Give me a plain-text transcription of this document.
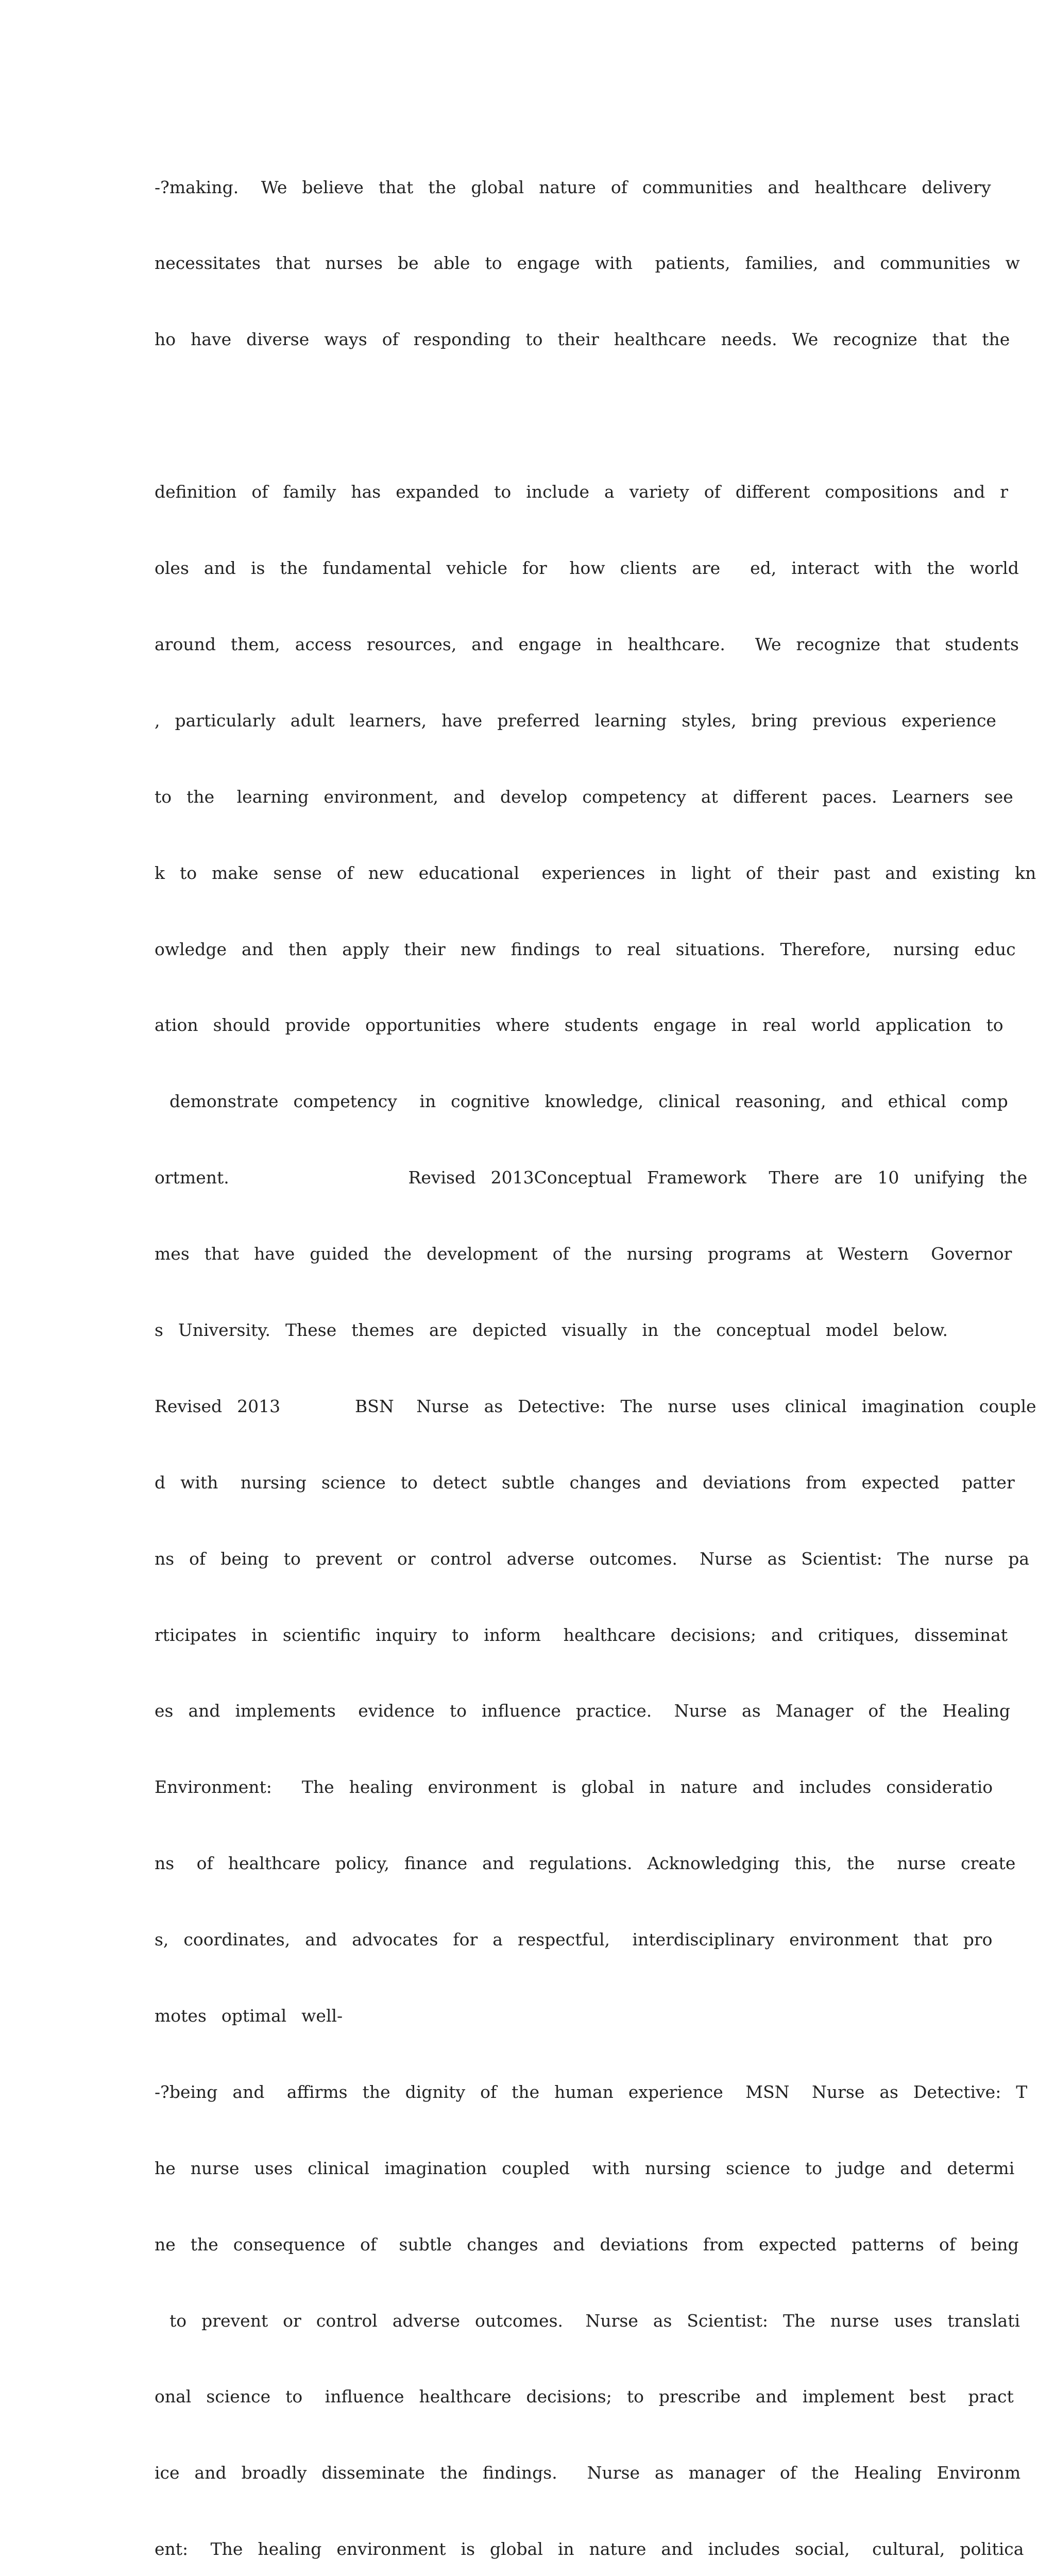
-?making.   We  believe  that  the  global  nature  of  communities  and  healthcare  delivery

necessitates  that  nurses  be  able  to  engage  with   patients,  families,  and  communities  w

ho  have  diverse  ways  of  responding  to  their  healthcare  needs.  We  recognize  that  the

definition  of  family  has  expanded  to  include  a  variety  of  different  compositions  and  r

oles  and  is  the  fundamental  vehicle  for   how  clients  are    ed,  interact  with  the  world

around  them,  access  resources,  and  engage  in  healthcare.    We  recognize  that  students

,  particularly  adult  learners,  have  preferred  learning  styles,  bring  previous  experience

to  the   learning  environment,  and  develop  competency  at  different  paces.  Learners  see

k  to  make  sense  of  new  educational   experiences  in  light  of  their  past  and  existing  kn

owledge  and  then  apply  their  new  findings  to  real  situations.  Therefore,   nursing  educ

ation  should  provide  opportunities  where  students  engage  in  real  world  application  to

demonstrate  competency   in  cognitive  knowledge,  clinical  reasoning,  and  ethical  comp

ortment.                        Revised  2013Conceptual  Framework   There  are  10  unifying  the

mes  that  have  guided  the  development  of  the  nursing  programs  at  Western   Governor

s  University.  These  themes  are  depicted  visually  in  the  conceptual  model  below.

Revised  2013          BSN   Nurse  as  Detective:  The  nurse  uses  clinical  imagination  couple

d  with   nursing  science  to  detect  subtle  changes  and  deviations  from  expected   patter

ns  of  being  to  prevent  or  control  adverse  outcomes.   Nurse  as  Scientist:  The  nurse  pa

rticipates  in  scientific  inquiry  to  inform   healthcare  decisions;  and  critiques,  disseminat

es  and  implements   evidence  to  influence  practice.   Nurse  as  Manager  of  the  Healing

Environment:    The  healing  environment  is  global  in  nature  and  includes  consideratio

ns   of  healthcare  policy,  finance  and  regulations.  Acknowledging  this,  the   nurse  create

s,  coordinates,  and  advocates  for  a  respectful,   interdisciplinary  environment  that  pro

motes  optimal  well-

-?being  and   affirms  the  dignity  of  the  human  experience   MSN   Nurse  as  Detective:  T

he  nurse  uses  clinical  imagination  coupled   with  nursing  science  to  judge  and  determi

ne  the  consequence  of   subtle  changes  and  deviations  from  expected  patterns  of  being

to  prevent  or  control  adverse  outcomes.   Nurse  as  Scientist:  The  nurse  uses  translati

onal  science  to   influence  healthcare  decisions;  to  prescribe  and  implement  best   pract

ice  and  broadly  disseminate  the  findings.    Nurse  as  manager  of  the  Healing  Environm

ent:   The  healing  environment  is  global  in  nature  and  includes  social,   cultural,  politica
